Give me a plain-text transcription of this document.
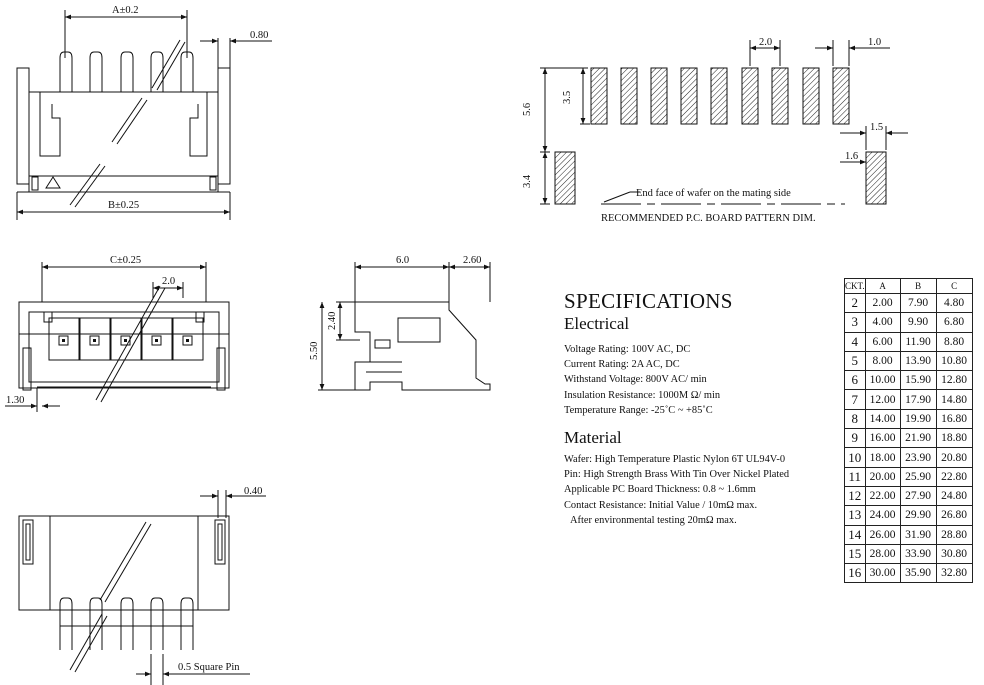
A±0.2
0.80
B±0.25
C±0.25
2.0
1.30
6.0	2.60
2.40
5.50
0.40
0.5 Square Pin
2.0	1.0
1.5
1.6
5.6
3.5
3.4
End face of wafer on the mating side
RECOMMENDED P.C. BOARD PATTERN DIM.
SPECIFICATIONS
Electrical
Voltage Rating: 100V AC, DC
Current Rating: 2A AC, DC
Withstand Voltage: 800V AC/ min
Insulation Resistance: 1000M Ω/ min
Temperature Range: -25˚C ~ +85˚C
Material
Wafer: High Temperature Plastic Nylon 6T UL94V-0
Pin: High Strength Brass With Tin Over Nickel Plated
Applicable PC Board Thickness: 0.8 ~ 1.6mm
Contact Resistance: Initial Value / 10mΩ max.
After environmental testing 20mΩ max.
CKT.	A	B	C
2	2.00	7.90	4.80
3	4.00	9.90	6.80
4	6.00	11.90	8.80
5	8.00	13.90	10.80
6	10.00	15.90	12.80
7	12.00	17.90	14.80
8	14.00	19.90	16.80
9	16.00	21.90	18.80
10	18.00	23.90	20.80
11	20.00	25.90	22.80
12	22.00	27.90	24.80
13	24.00	29.90	26.80
14	26.00	31.90	28.80
15	28.00	33.90	30.80
16	30.00	35.90	32.80
